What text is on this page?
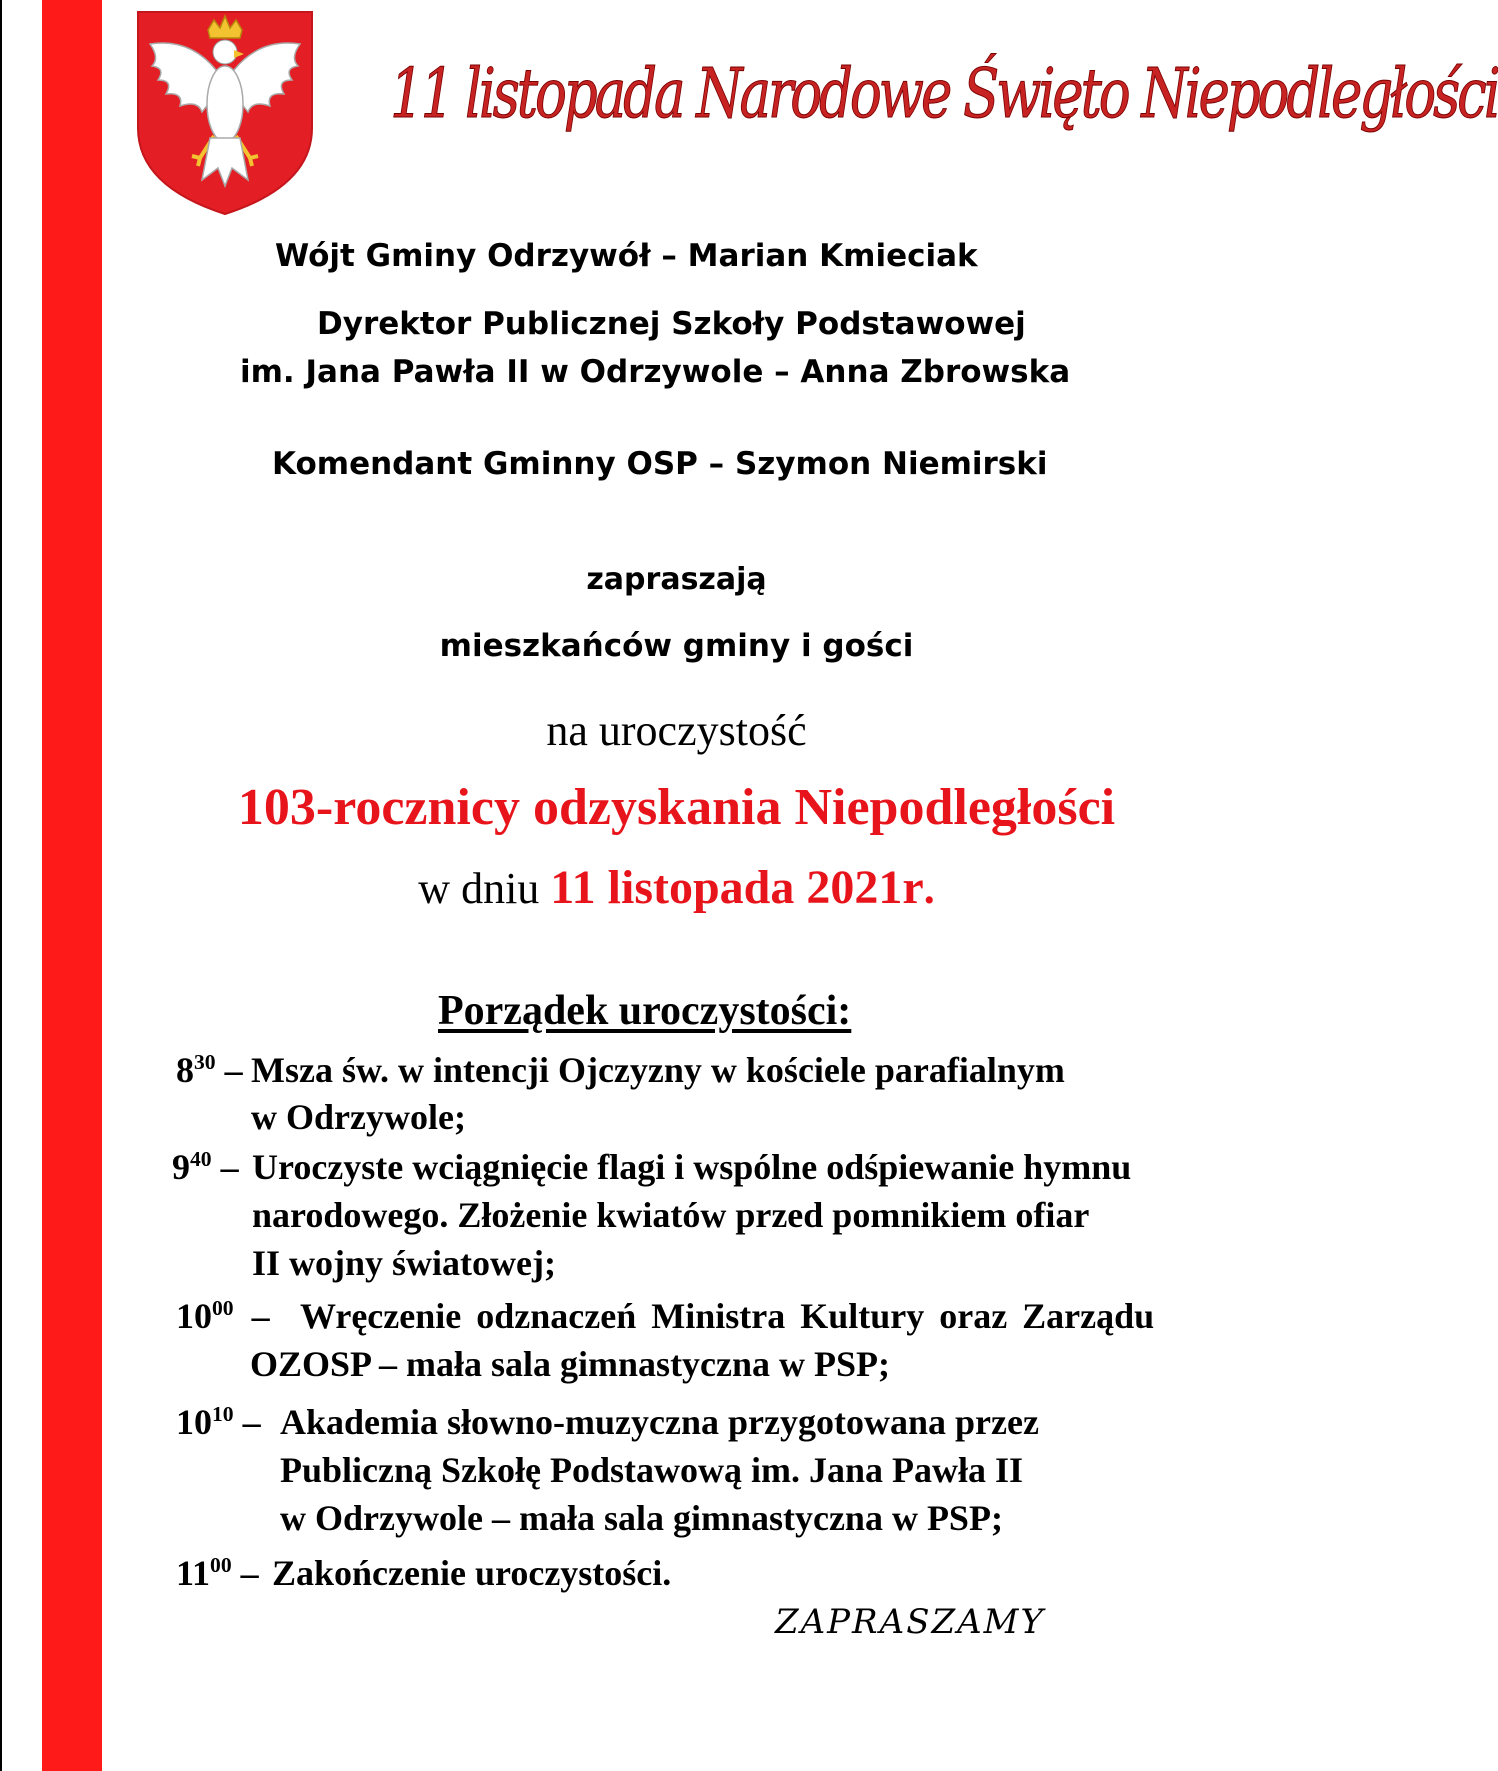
11 listopada Narodowe Święto Niepodległości
Wójt Gminy Odrzywół – Marian Kmieciak
Dyrektor Publicznej Szkoły Podstawowej
im. Jana Pawła II w Odrzywole – Anna Zbrowska
Komendant Gminny OSP – Szymon Niemirski
zapraszają
mieszkańców gminy i gości
na uroczystość
103-rocznicy odzyskania Niepodległości
w dniu 11 listopada 2021r.
Porządek uroczystości:
$8^{30}$ – Msza św. w intencji Ojczyzny w kościele parafialnym
w Odrzywole;
$9^{40}$ – Uroczyste wciągnięcie flagi i wspólne odśpiewanie hymnu
narodowego. Złożenie kwiatów przed pomnikiem ofiar
II wojny światowej;
$10^{00}$ – Wręczenie odznaczeń Ministra Kultury oraz Zarządu
OZOSP – mała sala gimnastyczna w PSP;
$10^{10}$ – Akademia słowno-muzyczna przygotowana przez
Publiczną Szkołę Podstawową im. Jana Pawła II
w Odrzywole – mała sala gimnastyczna w PSP;
$11^{00}$ – Zakończenie uroczystości.
ZAPRASZAMY
